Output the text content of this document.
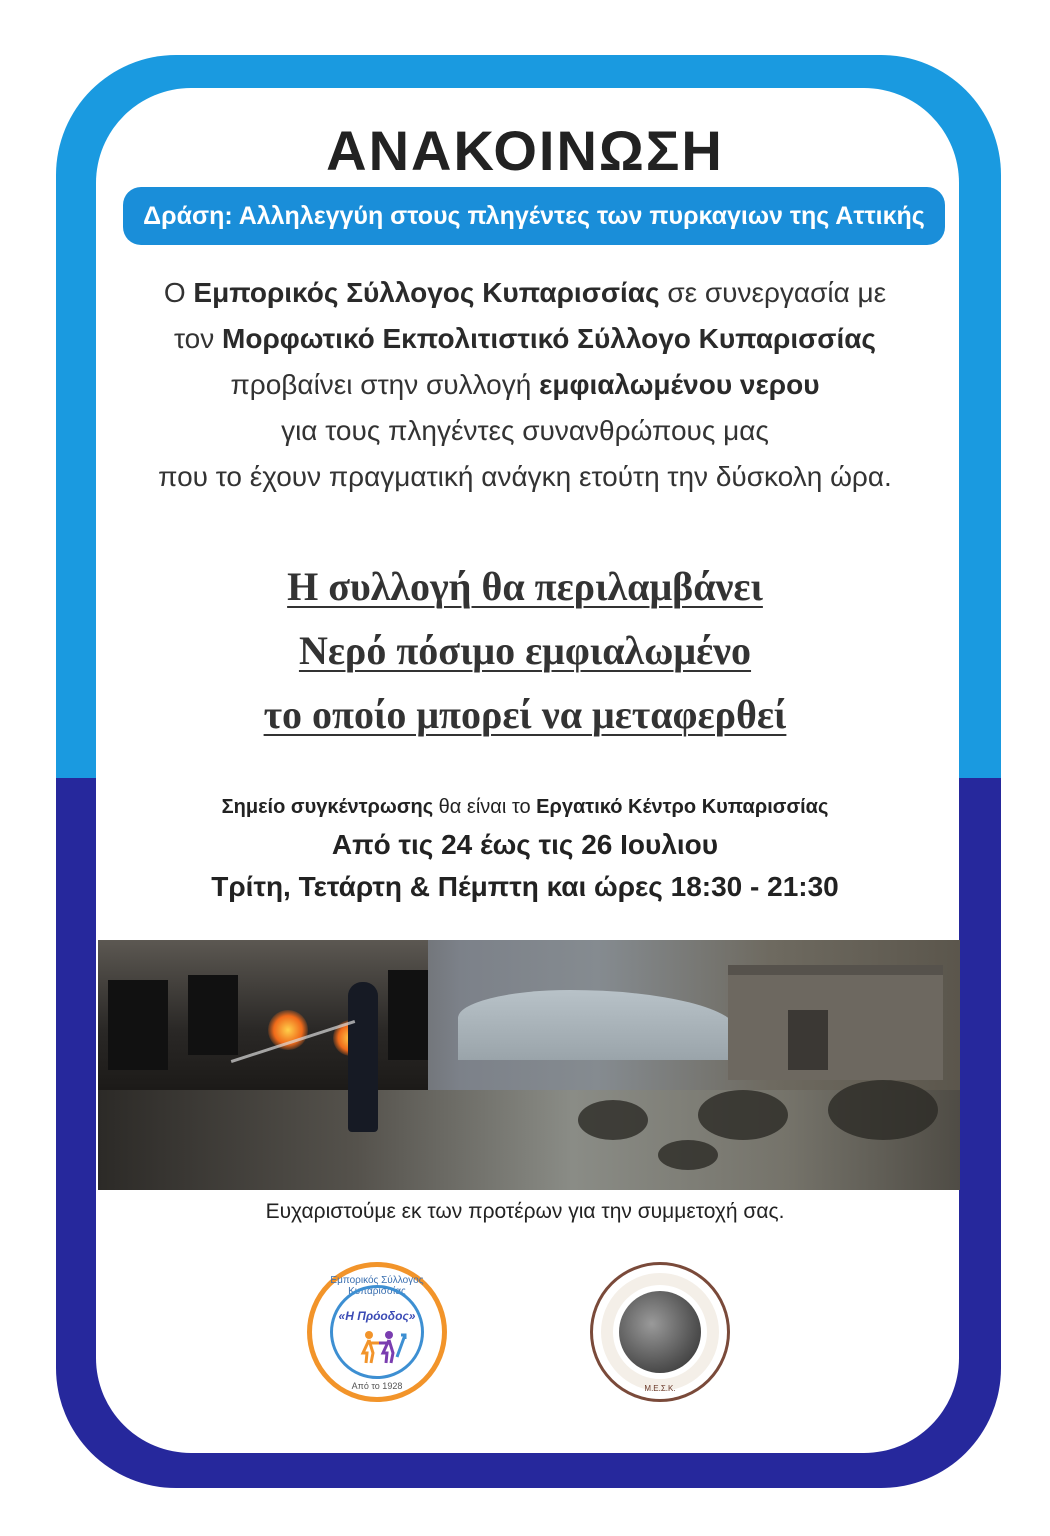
ΑΝΑΚΟΙΝΩΣΗ
Δράση: Αλληλεγγύη στους πληγέντες των πυρκαγιων της Αττικής
Ο Εμπορικός Σύλλογος Κυπαρισσίας σε συνεργασία με
τον Μορφωτικό Εκπολιτιστικό Σύλλογο Κυπαρισσίας
προβαίνει στην συλλογή εμφιαλωμένου νερου
για τους πληγέντες συνανθρώπους μας
που το έχουν πραγματική ανάγκη ετούτη την δύσκολη ώρα.
Η συλλογή θα περιλαμβάνει
Νερό πόσιμο εμφιαλωμένο
το οποίο μπορεί να μεταφερθεί
Σημείο συγκέντρωσης θα είναι το Εργατικό Κέντρο Κυπαρισσίας
Από τις 24 έως τις 26 Ιουλιου
Τρίτη, Τετάρτη & Πέμπτη και ώρες 18:30 - 21:30
Ευχαριστούμε εκ των προτέρων για την συμμετοχή σας.
Εμπορικός Σύλλογος Κυπαρισσίας
«Η Πρόοδος»
Από το 1928	Μ.Ε.Σ.Κ.
